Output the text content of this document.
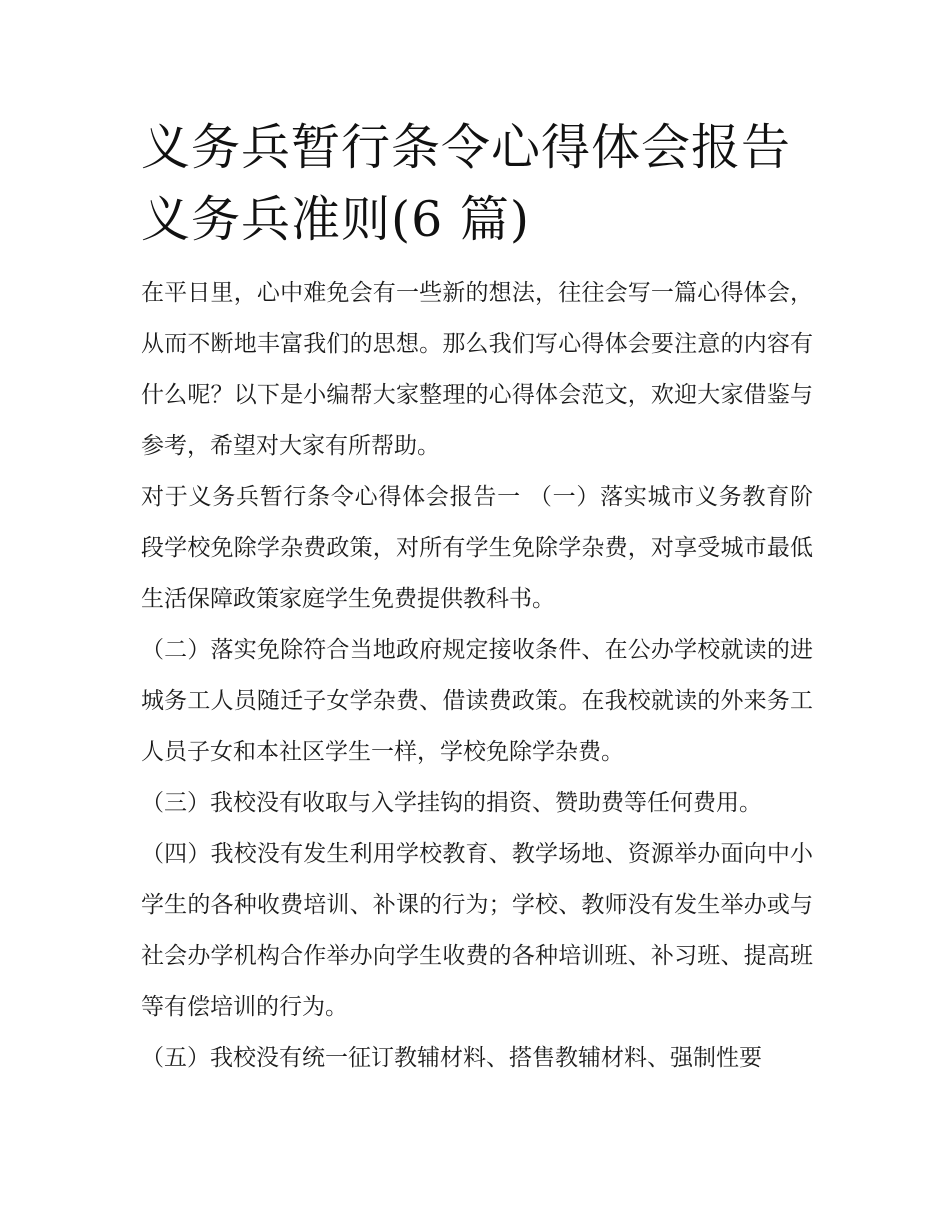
义务兵暂行条令心得体会报告
义务兵准则(6 篇)

在平日里，心中难免会有一些新的想法，往往会写一篇心得体会，从而不断地丰富我们的思想。那么我们写心得体会要注意的内容有什么呢？以下是小编帮大家整理的心得体会范文，欢迎大家借鉴与参考，希望对大家有所帮助。

对于义务兵暂行条令心得体会报告一 （一）落实城市义务教育阶段学校免除学杂费政策，对所有学生免除学杂费，对享受城市最低生活保障政策家庭学生免费提供教科书。

（二）落实免除符合当地政府规定接收条件、在公办学校就读的进城务工人员随迁子女学杂费、借读费政策。在我校就读的外来务工人员子女和本社区学生一样，学校免除学杂费。

（三）我校没有收取与入学挂钩的捐资、赞助费等任何费用。

（四）我校没有发生利用学校教育、教学场地、资源举办面向中小学生的各种收费培训、补课的行为；学校、教师没有发生举办或与社会办学机构合作举办向学生收费的各种培训班、补习班、提高班等有偿培训的行为。

（五）我校没有统一征订教辅材料、搭售教辅材料、强制性要
